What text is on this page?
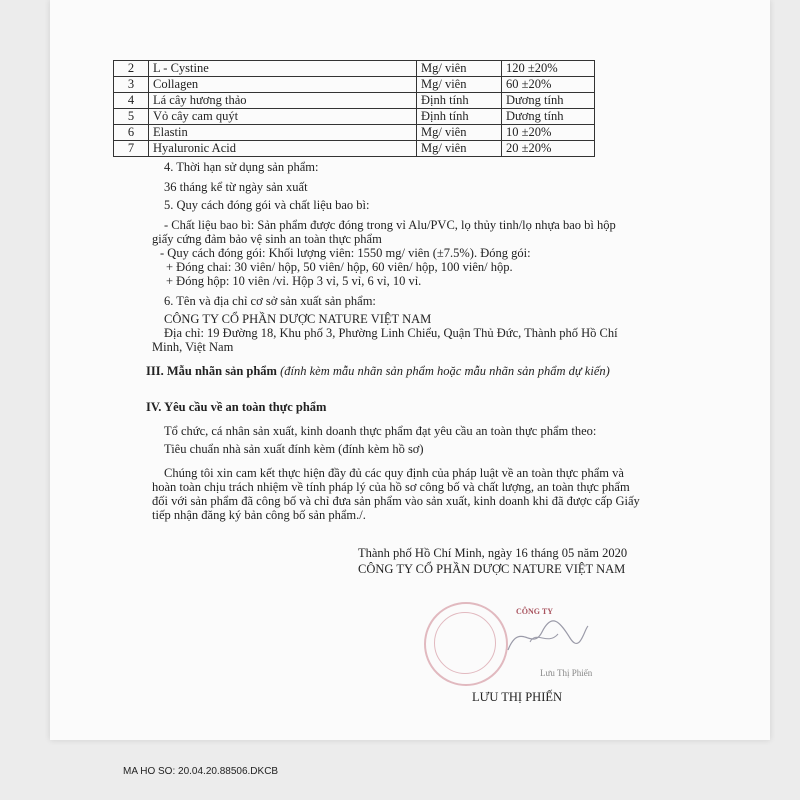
2	L - Cystine	Mg/ viên	120 ±20%
3	Collagen	Mg/ viên	60 ±20%
4	Lá cây hương thảo	Định tính	Dương tính
5	Vỏ cây cam quýt	Định tính	Dương tính
6	Elastin	Mg/ viên	10 ±20%
7	Hyaluronic Acid	Mg/ viên	20 ±20%
4. Thời hạn sử dụng sản phẩm:
36 tháng kể từ ngày sản xuất
5. Quy cách đóng gói và chất liệu bao bì:
- Chất liệu bao bì: Sản phẩm được đóng trong vỉ Alu/PVC, lọ thủy tinh/lọ nhựa bao bì hộp
giấy cứng đảm bảo vệ sinh an toàn thực phẩm
- Quy cách đóng gói: Khối lượng viên: 1550 mg/ viên (±7.5%). Đóng gói:
+ Đóng chai: 30 viên/ hộp, 50 viên/ hộp, 60 viên/ hộp, 100 viên/ hộp.
+ Đóng hộp: 10 viên /vỉ. Hộp 3 vỉ, 5 vỉ, 6 vỉ, 10 vỉ.
6. Tên và địa chỉ cơ sở sản xuất sản phẩm:
CÔNG TY CỔ PHẦN DƯỢC NATURE VIỆT NAM
Địa chỉ: 19 Đường 18, Khu phố 3, Phường Linh Chiểu, Quận Thủ Đức, Thành phố Hồ Chí
Minh, Việt Nam
III. Mẫu nhãn sản phẩm (đính kèm mẫu nhãn sản phẩm hoặc mẫu nhãn sản phẩm dự kiến)
IV. Yêu cầu về an toàn thực phẩm
Tổ chức, cá nhân sản xuất, kinh doanh thực phẩm đạt yêu cầu an toàn thực phẩm theo:
Tiêu chuẩn nhà sản xuất đính kèm (đính kèm hồ sơ)
Chúng tôi xin cam kết thực hiện đầy đủ các quy định của pháp luật về an toàn thực phẩm và
hoàn toàn chịu trách nhiệm về tính pháp lý của hồ sơ công bố và chất lượng, an toàn thực phẩm
đối với sản phẩm đã công bố và chỉ đưa sản phẩm vào sản xuất, kinh doanh khi đã được cấp Giấy
tiếp nhận đăng ký bản công bố sản phẩm./.
Thành phố Hồ Chí Minh, ngày 16 tháng 05 năm 2020
CÔNG TY CỔ PHẦN DƯỢC NATURE VIỆT NAM
CÔNG TY
Lưu Thị Phiến
LƯU THỊ PHIẾN
MA HO SO: 20.04.20.88506.DKCB
